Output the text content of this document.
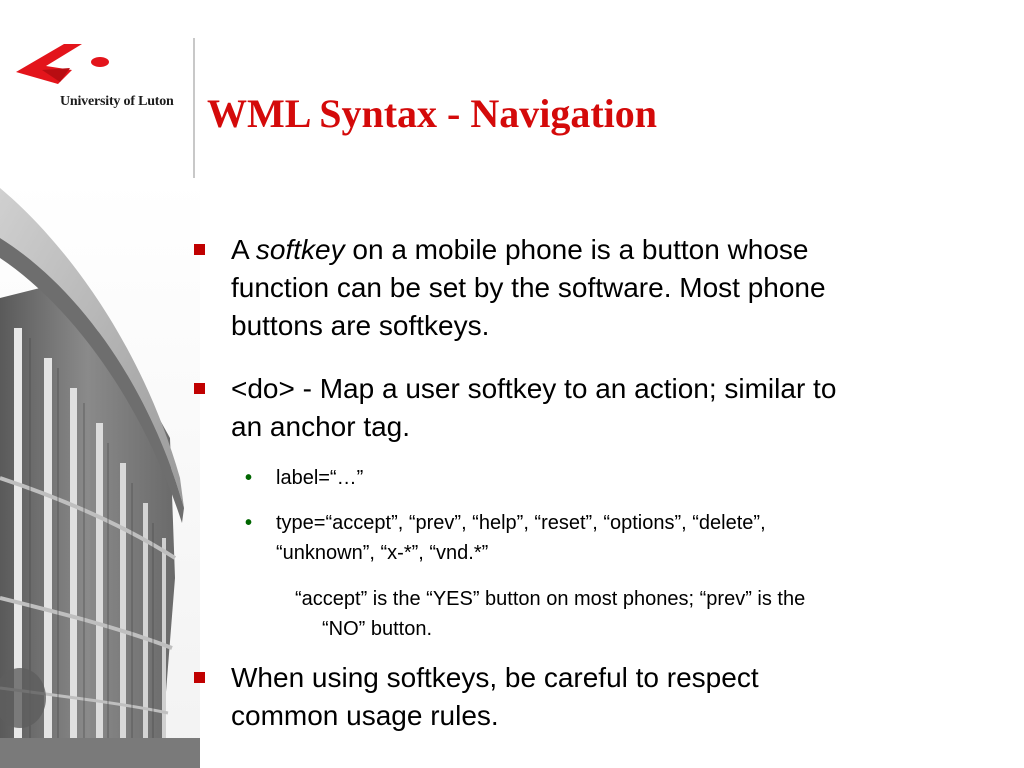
University of Luton WML Syntax - Navigation
A softkey on a mobile phone is a button whose
function can be set by the software. Most phone
buttons are softkeys.
<do> - Map a user softkey to an action; similar to
an anchor tag.
• label=“…”
• type=“accept”, “prev”, “help”, “reset”, “options”, “delete”,
“unknown”, “x-*”, “vnd.*”
“accept” is the “YES” button on most phones; “prev” is the
“NO” button.
When using softkeys, be careful to respect
common usage rules.
